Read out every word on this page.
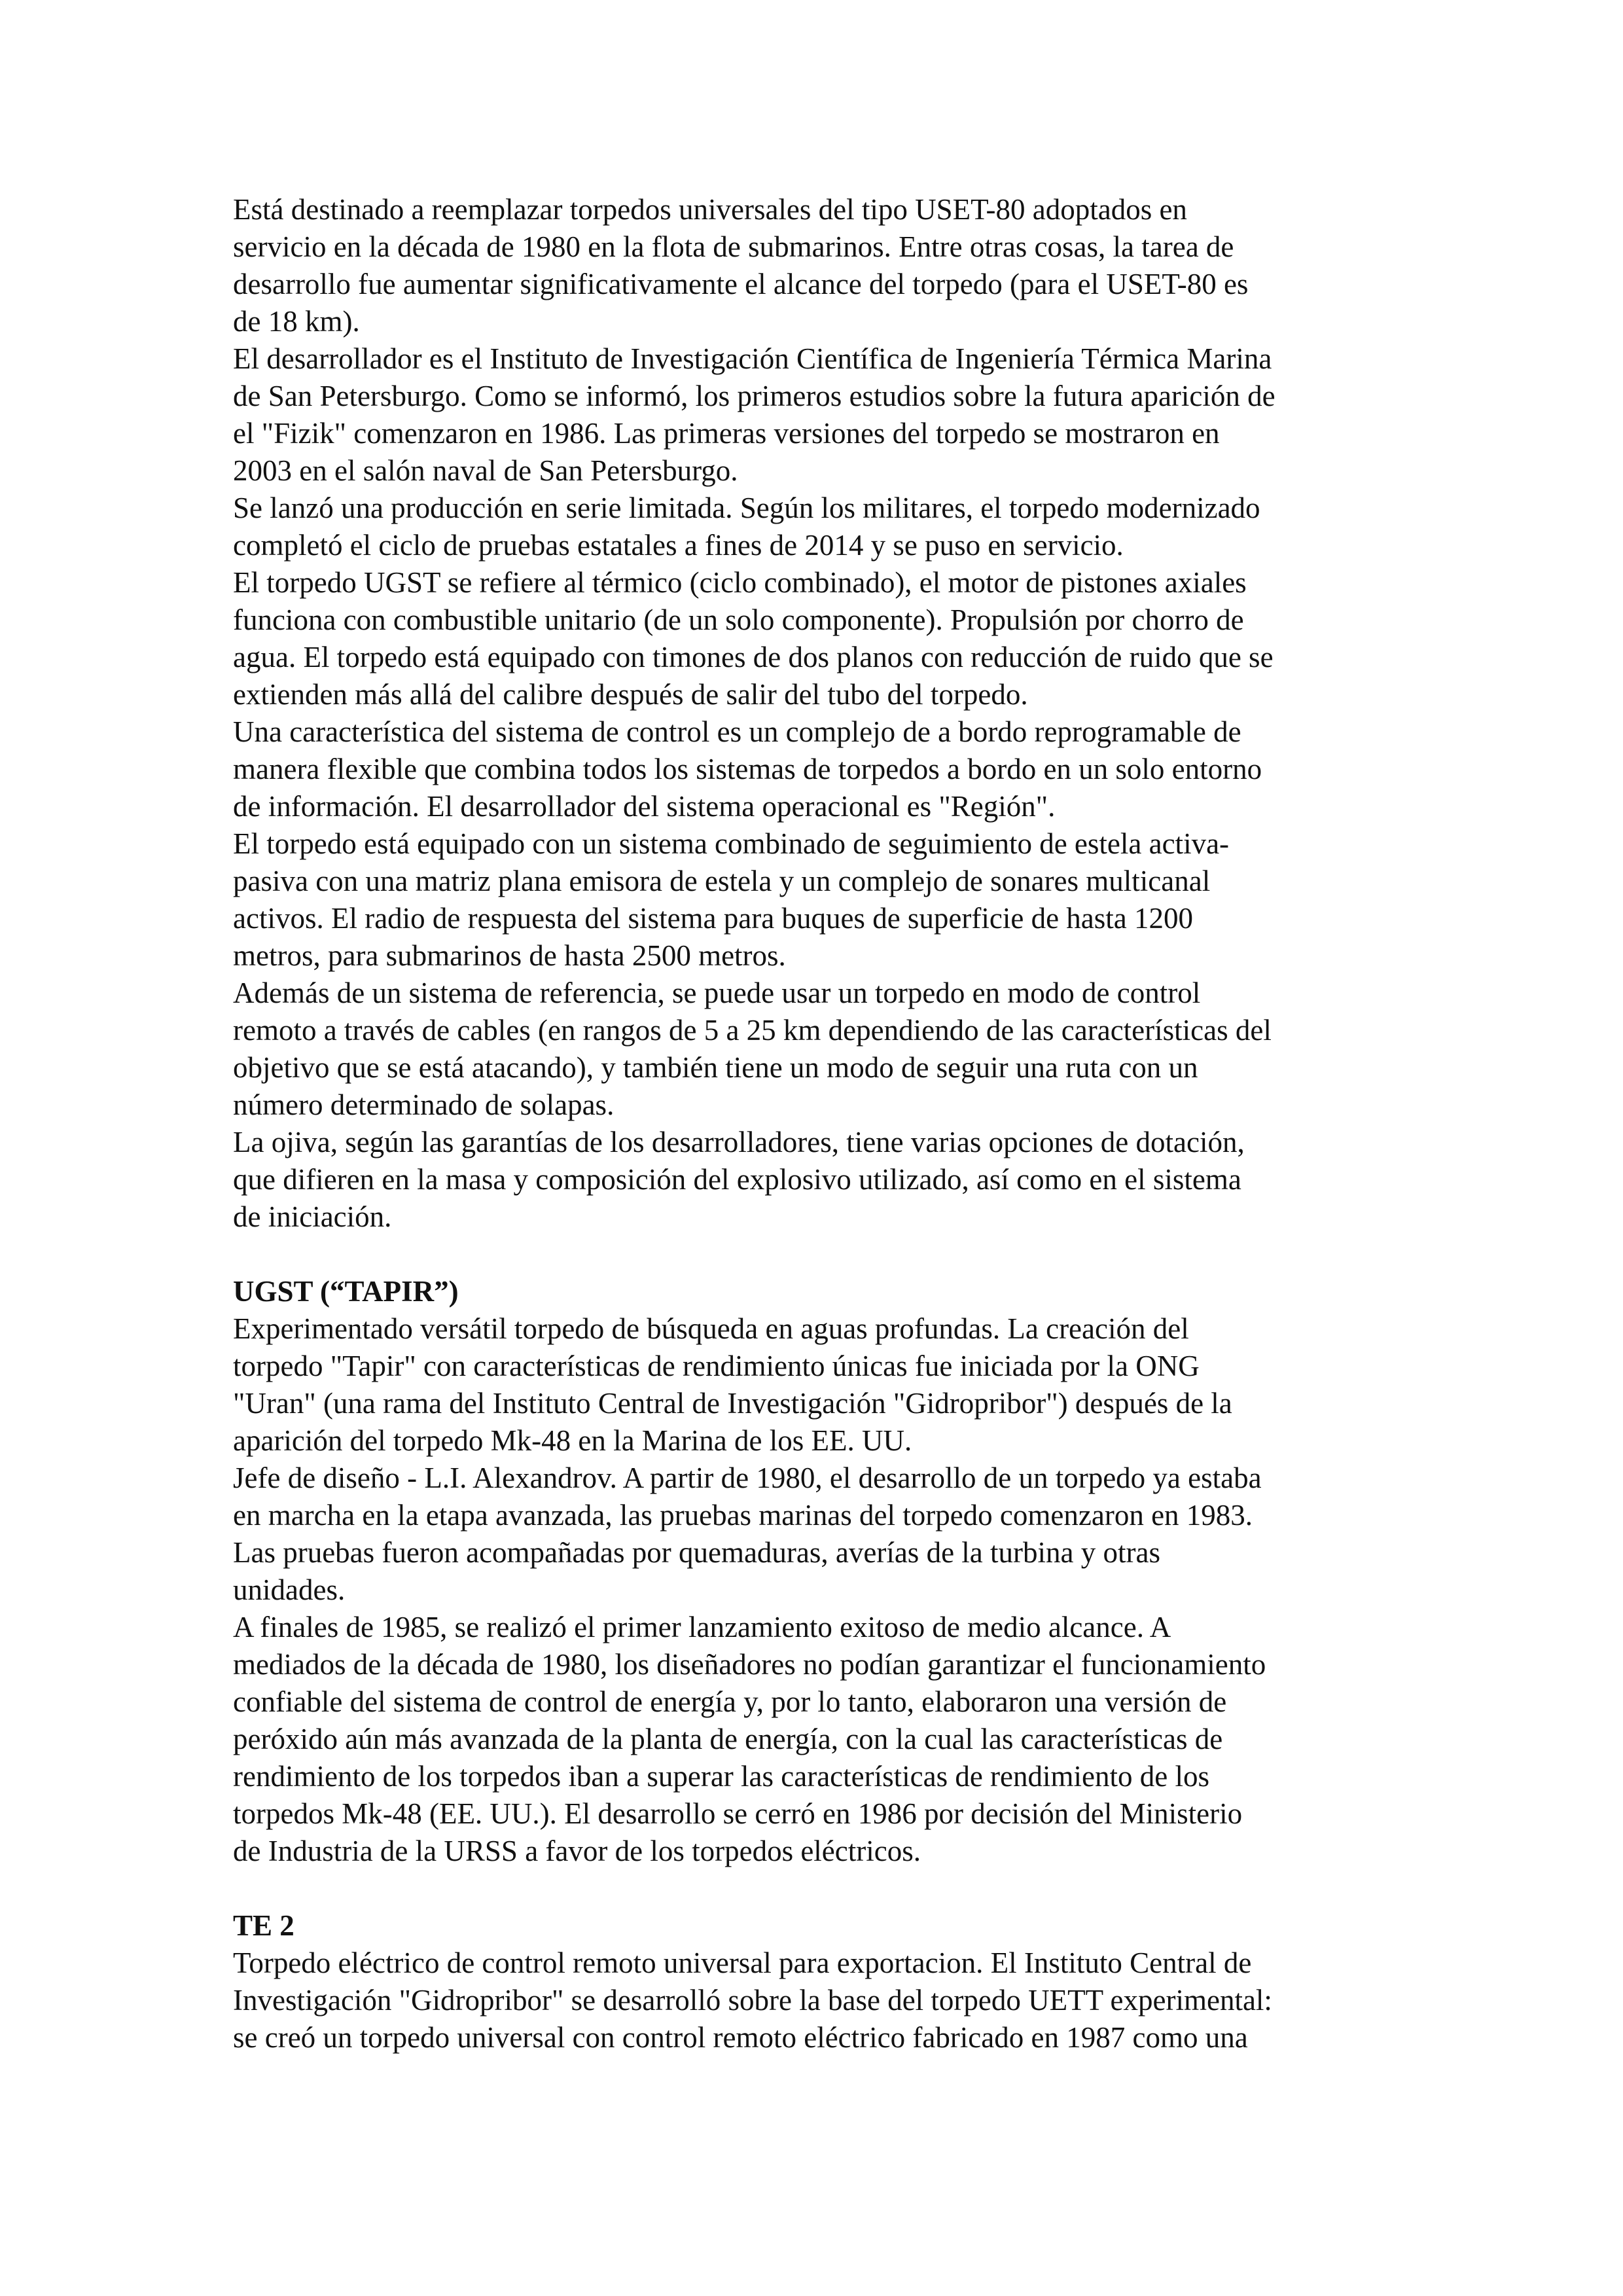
Está destinado a reemplazar torpedos universales del tipo USET-80 adoptados en
servicio en la década de 1980 en la flota de submarinos. Entre otras cosas, la tarea de
desarrollo fue aumentar significativamente el alcance del torpedo (para el USET-80 es
de 18 km).
El desarrollador es el Instituto de Investigación Científica de Ingeniería Térmica Marina
de San Petersburgo. Como se informó, los primeros estudios sobre la futura aparición de
el "Fizik" comenzaron en 1986. Las primeras versiones del torpedo se mostraron en
2003 en el salón naval de San Petersburgo.
Se lanzó una producción en serie limitada. Según los militares, el torpedo modernizado
completó el ciclo de pruebas estatales a fines de 2014 y se puso en servicio.
El torpedo UGST se refiere al térmico (ciclo combinado), el motor de pistones axiales
funciona con combustible unitario (de un solo componente). Propulsión por chorro de
agua. El torpedo está equipado con timones de dos planos con reducción de ruido que se
extienden más allá del calibre después de salir del tubo del torpedo.
Una característica del sistema de control es un complejo de a bordo reprogramable de
manera flexible que combina todos los sistemas de torpedos a bordo en un solo entorno
de información. El desarrollador del sistema operacional es "Región".
El torpedo está equipado con un sistema combinado de seguimiento de estela activa-
pasiva con una matriz plana emisora de estela y un complejo de sonares multicanal
activos. El radio de respuesta del sistema para buques de superficie de hasta 1200
metros, para submarinos de hasta 2500 metros.
Además de un sistema de referencia, se puede usar un torpedo en modo de control
remoto a través de cables (en rangos de 5 a 25 km dependiendo de las características del
objetivo que se está atacando), y también tiene un modo de seguir una ruta con un
número determinado de solapas.
La ojiva, según las garantías de los desarrolladores, tiene varias opciones de dotación,
que difieren en la masa y composición del explosivo utilizado, así como en el sistema
de iniciación.
UGST (“TAPIR”)
Experimentado versátil torpedo de búsqueda en aguas profundas. La creación del
torpedo "Tapir" con características de rendimiento únicas fue iniciada por la ONG
"Uran" (una rama del Instituto Central de Investigación "Gidropribor") después de la
aparición del torpedo Mk-48 en la Marina de los EE. UU.
Jefe de diseño - L.I. Alexandrov. A partir de 1980, el desarrollo de un torpedo ya estaba
en marcha en la etapa avanzada, las pruebas marinas del torpedo comenzaron en 1983.
Las pruebas fueron acompañadas por quemaduras, averías de la turbina y otras
unidades.
A finales de 1985, se realizó el primer lanzamiento exitoso de medio alcance. A
mediados de la década de 1980, los diseñadores no podían garantizar el funcionamiento
confiable del sistema de control de energía y, por lo tanto, elaboraron una versión de
peróxido aún más avanzada de la planta de energía, con la cual las características de
rendimiento de los torpedos iban a superar las características de rendimiento de los
torpedos Mk-48 (EE. UU.). El desarrollo se cerró en 1986 por decisión del Ministerio
de Industria de la URSS a favor de los torpedos eléctricos.
TE 2
Torpedo eléctrico de control remoto universal para exportacion. El Instituto Central de
Investigación "Gidropribor" se desarrolló sobre la base del torpedo UETT experimental:
se creó un torpedo universal con control remoto eléctrico fabricado en 1987 como una
